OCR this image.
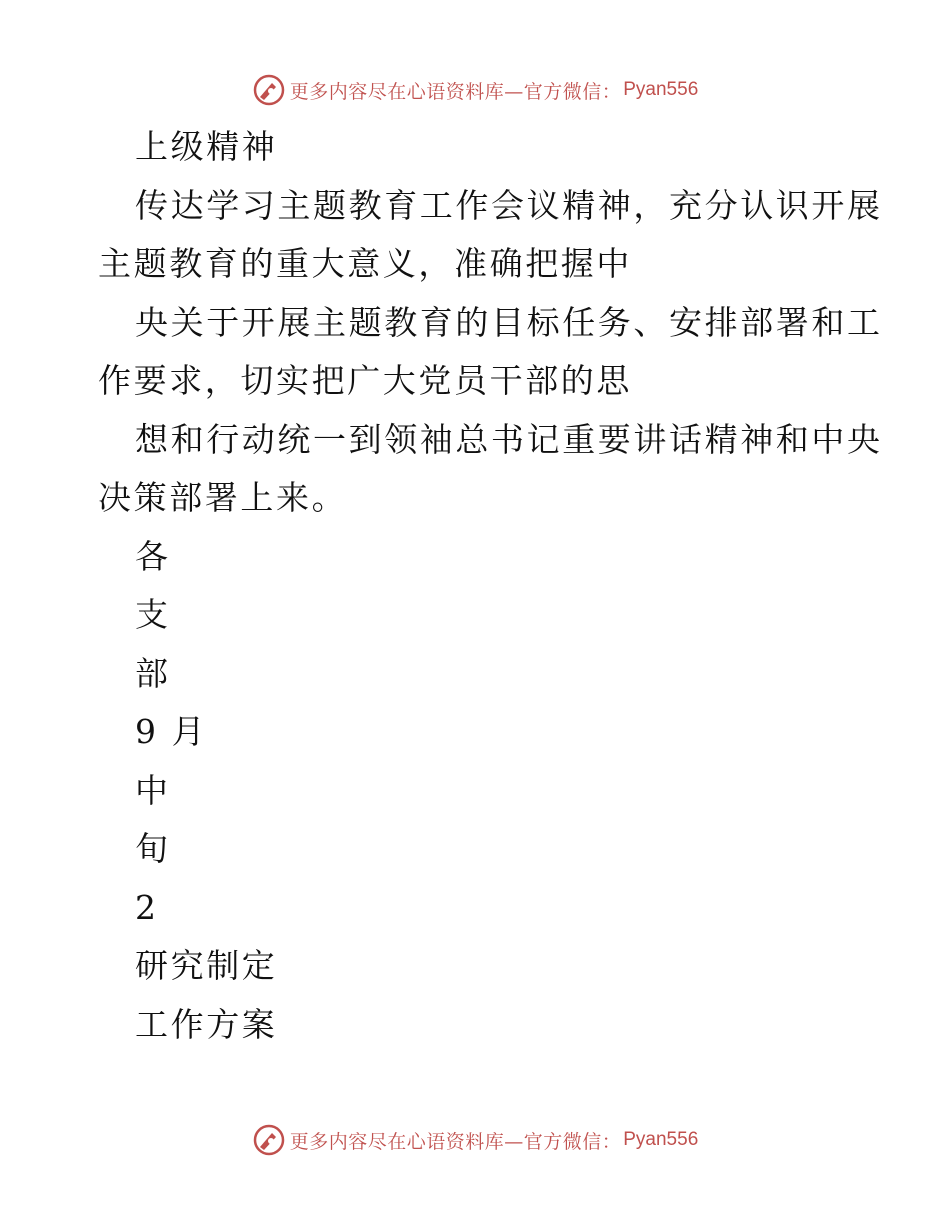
更多内容尽在心语资料库—官方微信： Pyan556
上级精神
传达学习主题教育工作会议精神，充分认识开展
主题教育的重大意义，准确把握中
央关于开展主题教育的目标任务、安排部署和工
作要求，切实把广大党员干部的思
想和行动统一到领袖总书记重要讲话精神和中央
决策部署上来。
各
支
部
9 月
中
旬
2
研究制定
工作方案
更多内容尽在心语资料库—官方微信： Pyan556
